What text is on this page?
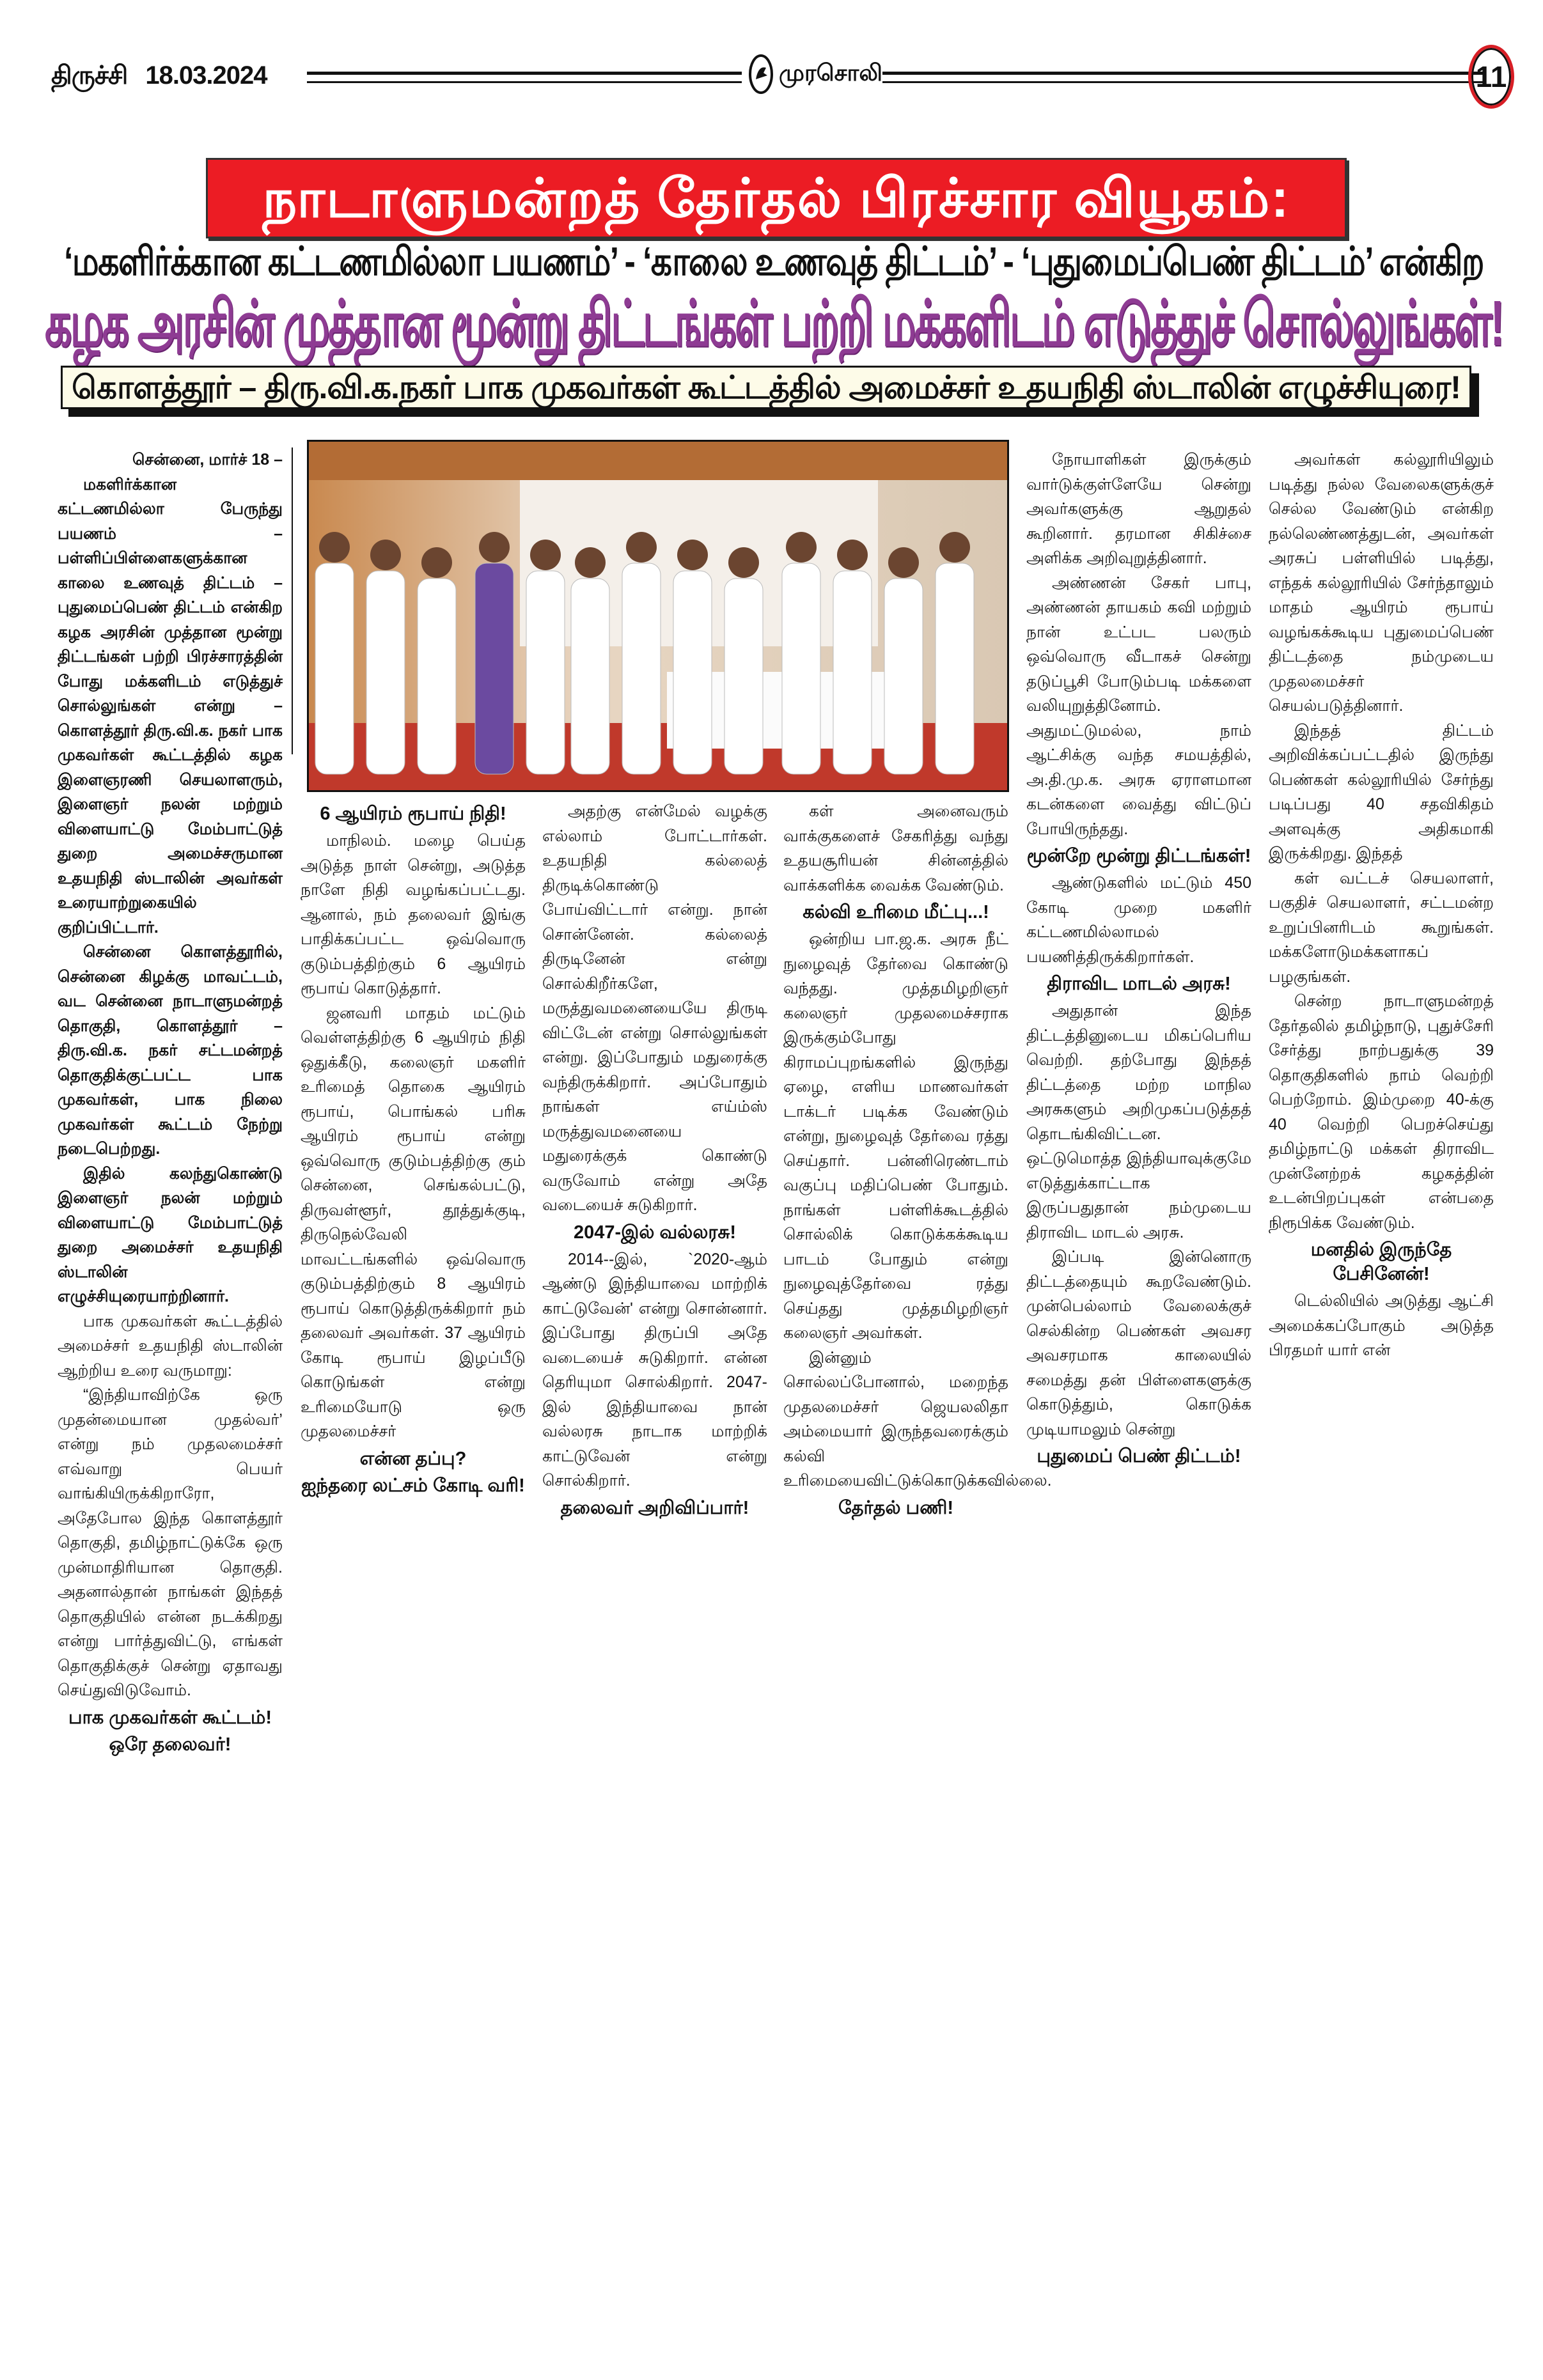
திருச்சி 18.03.2024	முரசொலி	11
நாடாளுமன்றத் தேர்தல் பிரச்சார வியூகம்:
‘மகளிர்க்கான கட்டணமில்லா பயணம்’ - ‘காலை உணவுத் திட்டம்’ - ‘புதுமைப்பெண் திட்டம்’ என்கிற
கழக அரசின் முத்தான மூன்று திட்டங்கள் பற்றி மக்களிடம் எடுத்துச் சொல்லுங்கள்!
கொளத்தூர் – திரு.வி.க.நகர் பாக முகவர்கள் கூட்டத்தில் அமைச்சர் உதயநிதி ஸ்டாலின் எழுச்சியுரை!

சென்னை, மார்ச் 18 –

மகளிர்க்கான கட்டணமில்லா பேருந்து பயணம் – பள்ளிப்பிள்ளைகளுக்கான காலை உணவுத் திட்டம் – புதுமைப்பெண் திட்டம் என்கிற கழக அரசின் முத்தான மூன்று திட்டங்கள் பற்றி பிரச்சாரத்தின் போது மக்களிடம் எடுத்துச் சொல்லுங்கள் என்று – கொளத்தூர் திரு.வி.க. நகர் பாக முகவர்கள் கூட்டத்தில் கழக இளைஞரணி செயலாளரும், இளைஞர் நலன் மற்றும் விளையாட்டு மேம்பாட்டுத் துறை அமைச்சருமான உதயநிதி ஸ்டாலின் அவர்கள் உரையாற்றுகையில் குறிப்பிட்டார்.

சென்னை கொளத்தூரில், சென்னை கிழக்கு மாவட்டம், வட சென்னை நாடாளுமன்றத் தொகுதி, கொளத்தூர் – திரு.வி.க. நகர் சட்டமன்றத் தொகுதிக்குட்பட்ட பாக முகவர்கள், பாக நிலை முகவர்கள் கூட்டம் நேற்று நடைபெற்றது.

இதில் கலந்துகொண்டு இளைஞர் நலன் மற்றும் விளையாட்டு மேம்பாட்டுத் துறை அமைச்சர் உதயநிதி ஸ்டாலின் எழுச்சியுரையாற்றினார்.

பாக முகவர்கள் கூட்டத்தில் அமைச்சர் உதயநிதி ஸ்டாலின் ஆற்றிய உரை வருமாறு:

“இந்தியாவிற்கே ஒரு முதன்மையான முதல்வர்’ என்று நம் முதலமைச்சர் எவ்வாறு பெயர் வாங்கியிருக்கிறாரோ, அதேபோல இந்த கொளத்தூர் தொகுதி, தமிழ்நாட்டுக்கே ஒரு முன்மாதிரியான தொகுதி. அதனால்தான் நாங்கள் இந்தத் தொகுதியில் என்ன நடக்கிறது என்று பார்த்துவிட்டு, எங்கள் தொகுதிக்குச் சென்று ஏதாவது செய்துவிடுவோம்.

பாக முகவர்கள் கூட்டம்!
ஒரே தலைவர்!
6 ஆயிரம் ரூபாய் நிதி!

மாநிலம். மழை பெய்த அடுத்த நாள் சென்று, அடுத்த நாளே நிதி வழங்கப்பட்டது. ஆனால், நம் தலைவர் இங்கு பாதிக்கப்பட்ட ஒவ்வொரு குடும்பத்திற்கும் 6 ஆயிரம் ரூபாய் கொடுத்தார்.

ஜனவரி மாதம் மட்டும் வெள்ளத்திற்கு 6 ஆயிரம் நிதி ஒதுக்கீடு, கலைஞர் மகளிர் உரிமைத் தொகை ஆயிரம் ரூபாய், பொங்கல் பரிசு ஆயிரம் ரூபாய் என்று ஒவ்வொரு குடும்பத்திற்கு கும் சென்னை, செங்கல்பட்டு, திருவள்ளூர், தூத்துக்குடி, திருநெல்வேலி மாவட்டங்களில் ஒவ்வொரு குடும்பத்திற்கும் 8 ஆயிரம் ரூபாய் கொடுத்திருக்கிறார் நம் தலைவர் அவர்கள். 37 ஆயிரம் கோடி ரூபாய் இழப்பீடு கொடுங்கள் என்று உரிமையோடு ஒரு முதலமைச்சர்

என்ன தப்பு?
ஐந்தரை லட்சம் கோடி வரி!

அதற்கு என்மேல் வழக்கு எல்லாம் போட்டார்கள். உதயநிதி கல்லைத் திருடிக்கொண்டு போய்விட்டார் என்று. நான் சொன்னேன். கல்லைத் திருடினேன் என்று சொல்கிறீர்களே, மருத்துவமனையையே திருடி விட்டேன் என்று சொல்லுங்கள் என்று. இப்போதும் மதுரைக்கு வந்திருக்கிறார். அப்போதும் நாங்கள் எய்ம்ஸ் மருத்துவமனையை மதுரைக்குக் கொண்டு வருவோம் என்று அதே வடையைச் சுடுகிறார்.

2047-இல் வல்லரசு!

2014--இல், `2020-ஆம் ஆண்டு இந்தியாவை மாற்றிக் காட்டுவேன்' என்று சொன்னார். இப்போது திருப்பி அதே வடையைச் சுடுகிறார். என்ன தெரியுமா சொல்கிறார். 2047-இல் இந்தியாவை நான் வல்லரசு நாடாக மாற்றிக் காட்டுவேன் என்று சொல்கிறார்.

தலைவர் அறிவிப்பார்!

கள் அனைவரும் வாக்குகளைச் சேகரித்து வந்து உதயசூரியன் சின்னத்தில் வாக்களிக்க வைக்க வேண்டும்.

கல்வி உரிமை மீட்பு...!

ஒன்றிய பா.ஜ.க. அரசு நீட் நுழைவுத் தேர்வை கொண்டு வந்தது. முத்தமிழறிஞர் கலைஞர் முதலமைச்சராக இருக்கும்போது கிராமப்புறங்களில் இருந்து ஏழை, எளிய மாணவர்கள் டாக்டர் படிக்க வேண்டும் என்று, நுழைவுத் தேர்வை ரத்து செய்தார். பன்னிரெண்டாம் வகுப்பு மதிப்பெண் போதும். நாங்கள் பள்ளிக்கூடத்தில் சொல்லிக் கொடுக்கக்கூடிய பாடம் போதும் என்று நுழைவுத்தேர்வை ரத்து செய்தது முத்தமிழறிஞர் கலைஞர் அவர்கள்.

இன்னும் சொல்லப்போனால், மறைந்த முதலமைச்சர் ஜெயலலிதா அம்மையார் இருந்தவரைக்கும் கல்வி உரிமையைவிட்டுக்கொடுக்கவில்லை.

தேர்தல் பணி!

நோயாளிகள் இருக்கும் வார்டுக்குள்ளேயே சென்று அவர்களுக்கு ஆறுதல் கூறினார். தரமான சிகிச்சை அளிக்க அறிவுறுத்தினார்.

அண்ணன் சேகர் பாபு, அண்ணன் தாயகம் கவி மற்றும் நான் உட்பட பலரும் ஒவ்வொரு வீடாகச் சென்று தடுப்பூசி போடும்படி மக்களை வலியுறுத்தினோம். அதுமட்டுமல்ல, நாம் ஆட்சிக்கு வந்த சமயத்தில், அ.தி.மு.க. அரசு ஏராளமான கடன்களை வைத்து விட்டுப் போயிருந்தது.

மூன்றே மூன்று திட்டங்கள்!

ஆண்டுகளில் மட்டும் 450 கோடி முறை மகளிர் கட்டணமில்லாமல் பயணித்திருக்கிறார்கள்.

திராவிட மாடல் அரசு!

அதுதான் இந்த திட்டத்தினுடைய மிகப்பெரிய வெற்றி. தற்போது இந்தத் திட்டத்தை மற்ற மாநில அரசுகளும் அறிமுகப்படுத்தத் தொடங்கிவிட்டன. ஒட்டுமொத்த இந்தியாவுக்குமே எடுத்துக்காட்டாக இருப்பதுதான் நம்முடைய திராவிட மாடல் அரசு.

இப்படி இன்னொரு திட்டத்தையும் கூறவேண்டும். முன்பெல்லாம் வேலைக்குச் செல்கின்ற பெண்கள் அவசர அவசரமாக காலையில் சமைத்து தன் பிள்ளைகளுக்கு கொடுத்தும், கொடுக்க முடியாமலும் சென்று

புதுமைப் பெண் திட்டம்!

அவர்கள் கல்லூரியிலும் படித்து நல்ல வேலைகளுக்குச் செல்ல வேண்டும் என்கிற நல்லெண்ணத்துடன், அவர்கள் அரசுப் பள்ளியில் படித்து, எந்தக் கல்லூரியில் சேர்ந்தாலும் மாதம் ஆயிரம் ரூபாய் வழங்கக்கூடிய புதுமைப்பெண் திட்டத்தை நம்முடைய முதலமைச்சர் செயல்படுத்தினார்.

இந்தத் திட்டம் அறிவிக்கப்பட்டதில் இருந்து பெண்கள் கல்லூரியில் சேர்ந்து படிப்பது 40 சதவிகிதம் அளவுக்கு அதிகமாகி இருக்கிறது. இந்தத்

கள் வட்டச் செயலாளர், பகுதிச் செயலாளர், சட்டமன்ற உறுப்பினரிடம் கூறுங்கள். மக்களோடுமக்களாகப் பழகுங்கள்.

சென்ற நாடாளுமன்றத் தேர்தலில் தமிழ்நாடு, புதுச்சேரி சேர்த்து நாற்பதுக்கு 39 தொகுதிகளில் நாம் வெற்றி பெற்றோம். இம்முறை 40-க்கு 40 வெற்றி பெறச்செய்து தமிழ்நாட்டு மக்கள் திராவிட முன்னேற்றக் கழகத்தின் உடன்பிறப்புகள் என்பதை நிரூபிக்க வேண்டும்.

மனதில் இருந்தே பேசினேன்!

டெல்லியில் அடுத்து ஆட்சி அமைக்கப்போகும் அடுத்த பிரதமர் யார் என்
